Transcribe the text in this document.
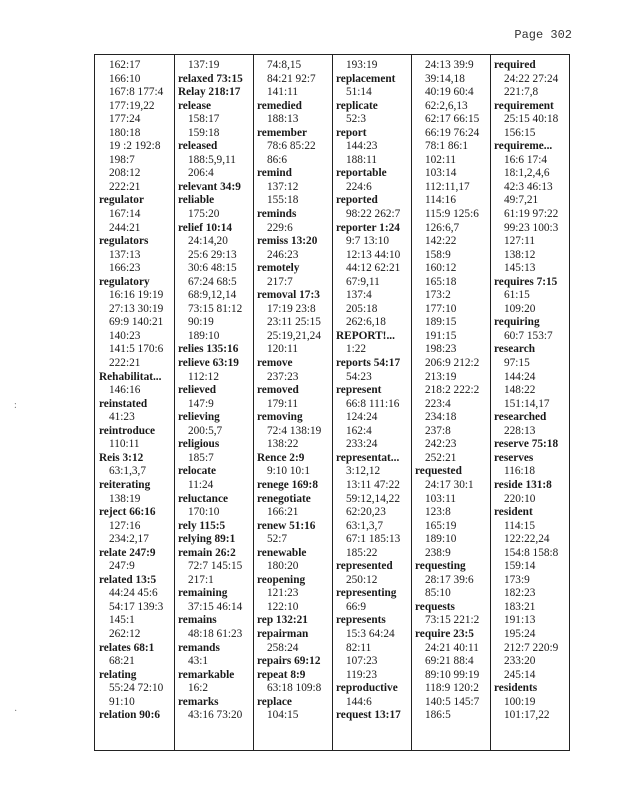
Page 302
:
·
162:17
166:10
167:8 177:4
177:19,22
177:24
180:18
19 :2 192:8
198:7
208:12
222:21
regulator
167:14
244:21
regulators
137:13
166:23
regulatory
16:16 19:19
27:13 30:19
69:9 140:21
140:23
141:5 170:6
222:21
Rehabilitat...
146:16
reinstated
41:23
reintroduce
110:11
Reis 3:12
63:1,3,7
reiterating
138:19
reject 66:16
127:16
234:2,17
relate 247:9
247:9
related 13:5
44:24 45:6
54:17 139:3
145:1
262:12
relates 68:1
68:21
relating
55:24 72:10
91:10
relation 90:6
137:19
relaxed 73:15
Relay 218:17
release
158:17
159:18
released
188:5,9,11
206:4
relevant 34:9
reliable
175:20
relief 10:14
24:14,20
25:6 29:13
30:6 48:15
67:24 68:5
68:9,12,14
73:15 81:12
90:19
189:10
relies 135:16
relieve 63:19
112:12
relieved
147:9
relieving
200:5,7
religious
185:7
relocate
11:24
reluctance
170:10
rely 115:5
relying 89:1
remain 26:2
72:7 145:15
217:1
remaining
37:15 46:14
remains
48:18 61:23
remands
43:1
remarkable
16:2
remarks
43:16 73:20
74:8,15
84:21 92:7
141:11
remedied
188:13
remember
78:6 85:22
86:6
remind
137:12
155:18
reminds
229:6
remiss 13:20
246:23
remotely
217:7
removal 17:3
17:19 23:8
23:11 25:15
25:19,21,24
120:11
remove
237:23
removed
179:11
removing
72:4 138:19
138:22
Rence 2:9
9:10 10:1
renege 169:8
renegotiate
166:21
renew 51:16
52:7
renewable
180:20
reopening
121:23
122:10
rep 132:21
repairman
258:24
repairs 69:12
repeat 8:9
63:18 109:8
replace
104:15
193:19
replacement
51:14
replicate
52:3
report
144:23
188:11
reportable
224:6
reported
98:22 262:7
reporter 1:24
9:7 13:10
12:13 44:10
44:12 62:21
67:9,11
137:4
205:18
262:6,18
REPORT!...
1:22
reports 54:17
54:23
represent
66:8 111:16
124:24
162:4
233:24
representat...
3:12,12
13:11 47:22
59:12,14,22
62:20,23
63:1,3,7
67:1 185:13
185:22
represented
250:12
representing
66:9
represents
15:3 64:24
82:11
107:23
119:23
reproductive
144:6
request 13:17
24:13 39:9
39:14,18
40:19 60:4
62:2,6,13
62:17 66:15
66:19 76:24
78:1 86:1
102:11
103:14
112:11,17
114:16
115:9 125:6
126:6,7
142:22
158:9
160:12
165:18
173:2
177:10
189:15
191:15
198:23
206:9 212:2
213:19
218:2 222:2
223:4
234:18
237:8
242:23
252:21
requested
24:17 30:1
103:11
123:8
165:19
189:10
238:9
requesting
28:17 39:6
85:10
requests
73:15 221:2
require 23:5
24:21 40:11
69:21 88:4
89:10 99:19
118:9 120:2
140:5 145:7
186:5
required
24:22 27:24
221:7,8
requirement
25:15 40:18
156:15
requireme...
16:6 17:4
18:1,2,4,6
42:3 46:13
49:7,21
61:19 97:22
99:23 100:3
127:11
138:12
145:13
requires 7:15
61:15
109:20
requiring
60:7 153:7
research
97:15
144:24
148:22
151:14,17
researched
228:13
reserve 75:18
reserves
116:18
reside 131:8
220:10
resident
114:15
122:22,24
154:8 158:8
159:14
173:9
182:23
183:21
191:13
195:24
212:7 220:9
233:20
245:14
residents
100:19
101:17,22
